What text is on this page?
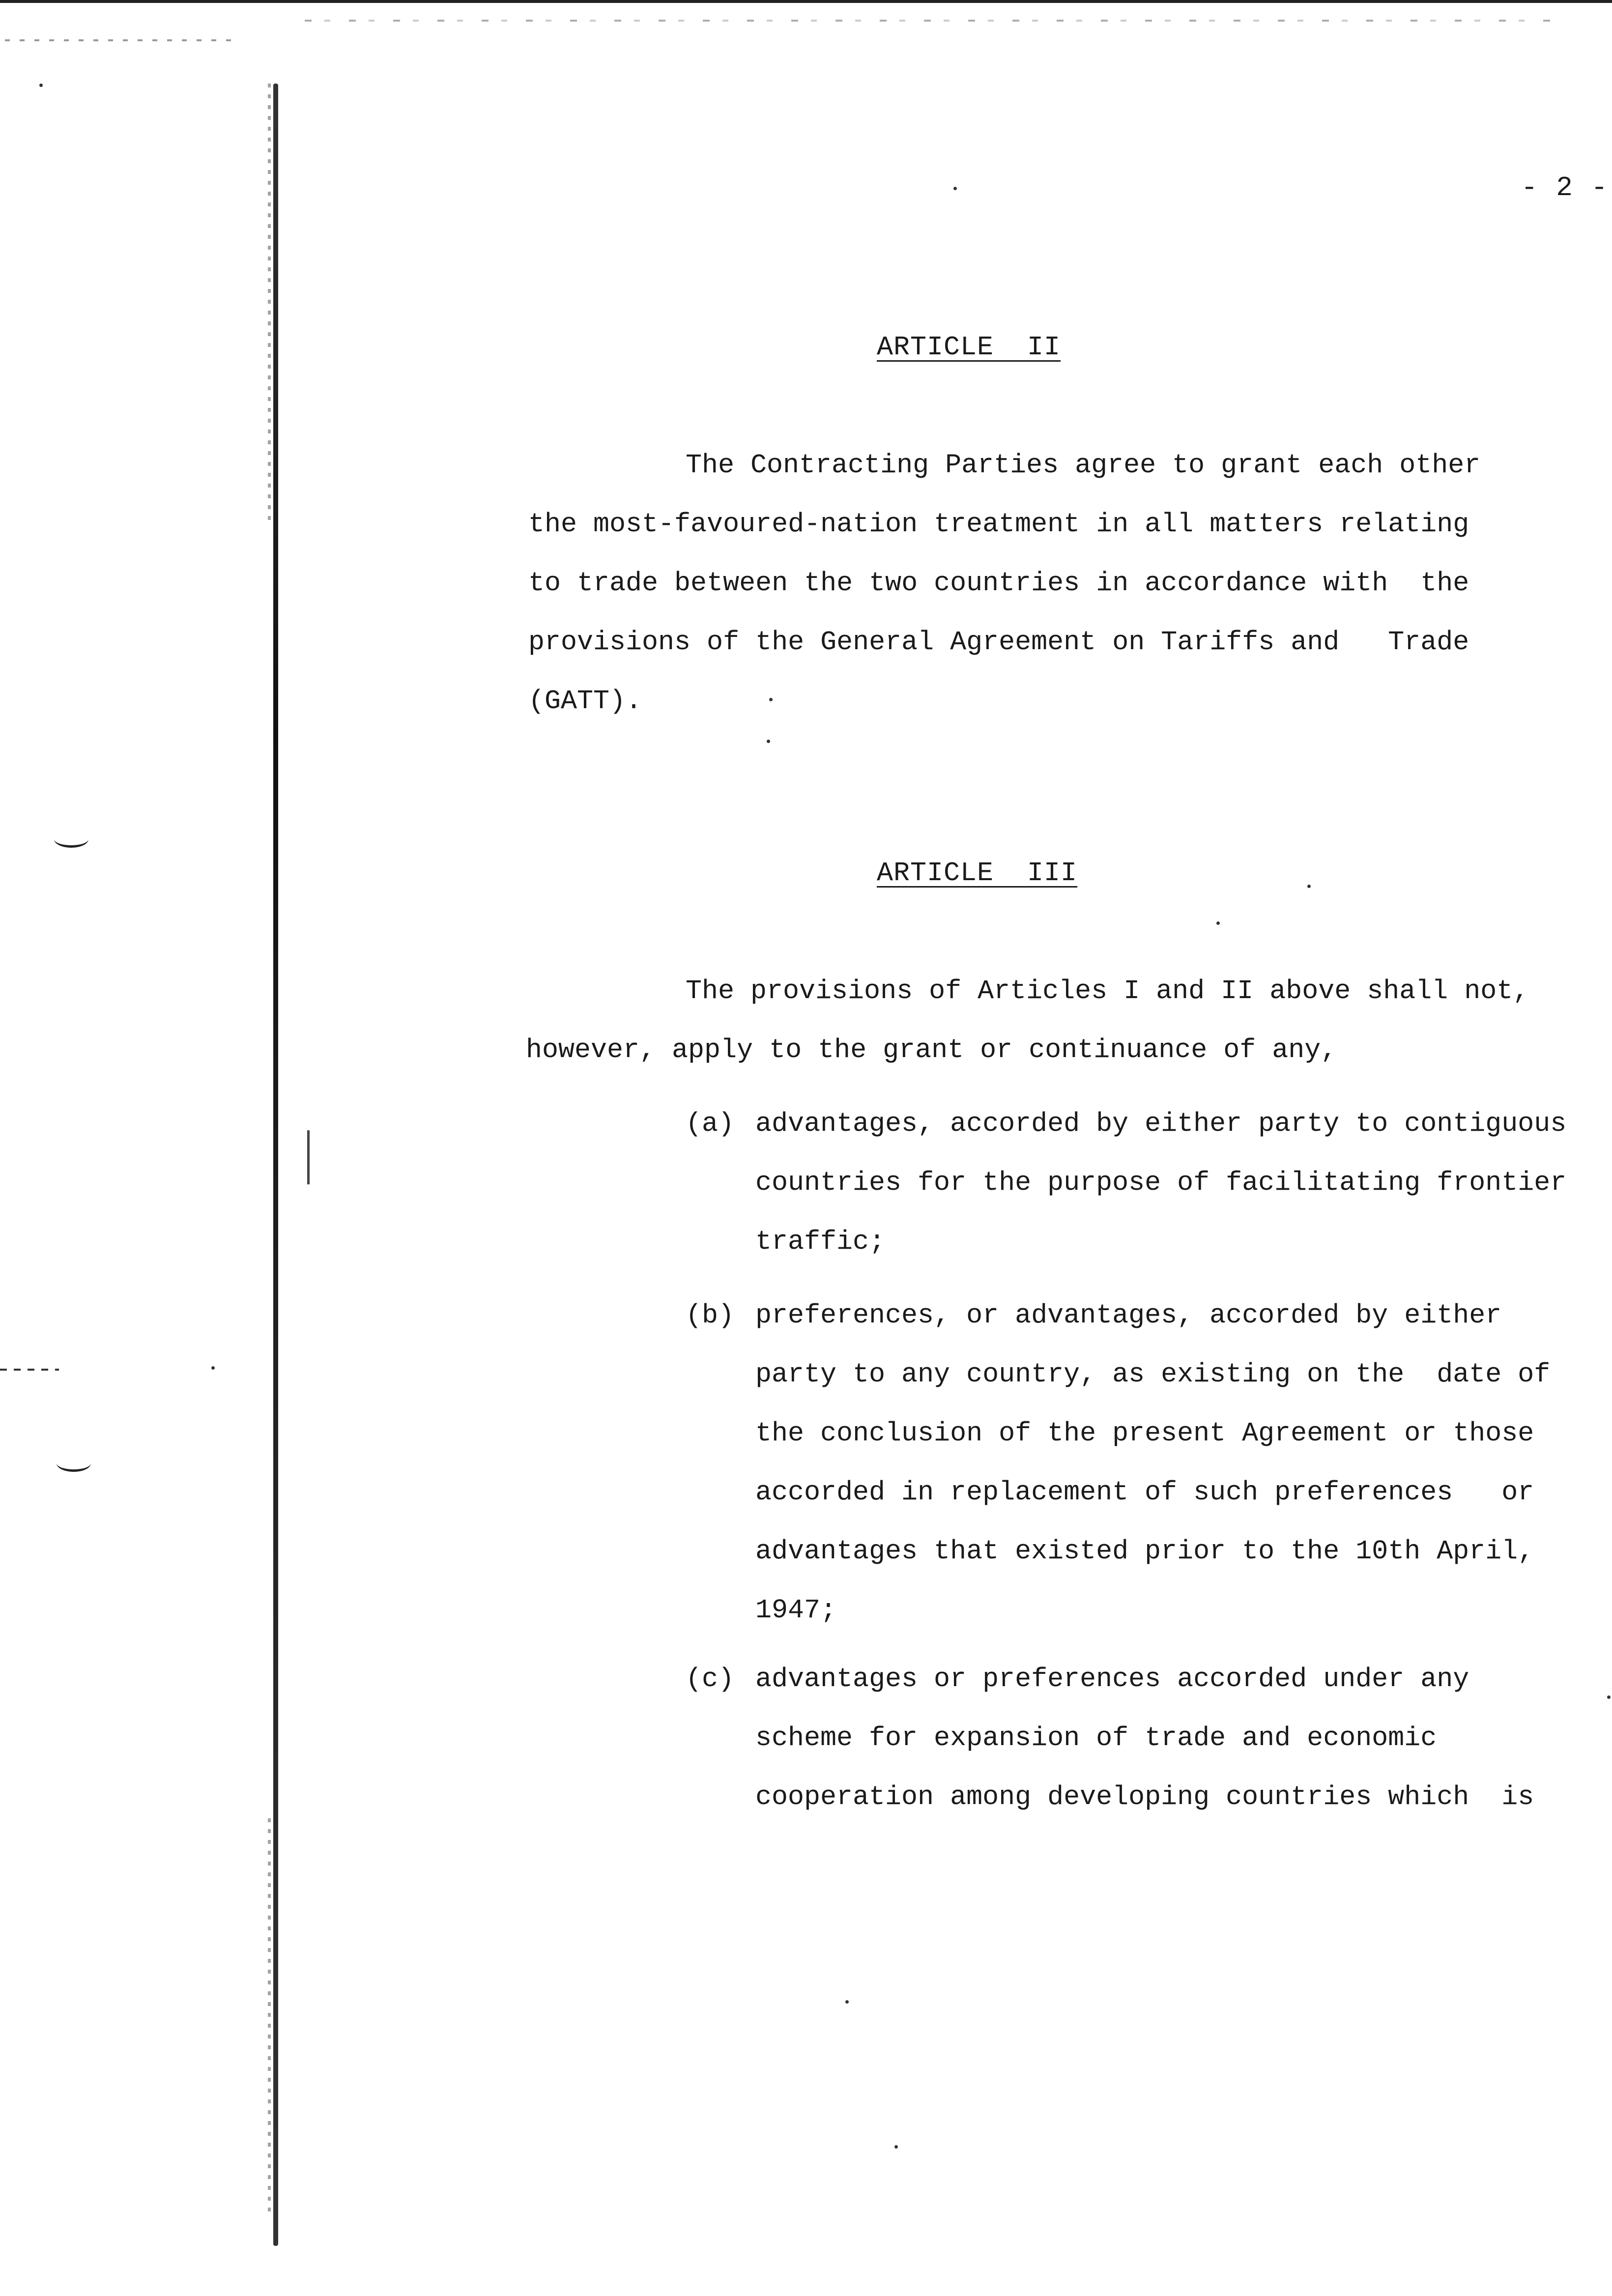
- 2 -
ARTICLE  II
The Contracting Parties agree to grant each other
the most-favoured-nation treatment in all matters relating
to trade between the two countries in accordance with  the
provisions of the General Agreement on Tariffs and   Trade
(GATT).
ARTICLE  III
The provisions of Articles I and II above shall not,
however, apply to the grant or continuance of any,
(a) advantages, accorded by either party to contiguous
countries for the purpose of facilitating frontier
traffic;
(b) preferences, or advantages, accorded by either
party to any country, as existing on the  date of
the conclusion of the present Agreement or those
accorded in replacement of such preferences   or
advantages that existed prior to the 10th April,
1947;
(c) advantages or preferences accorded under any
scheme for expansion of trade and economic
cooperation among developing countries which  is
